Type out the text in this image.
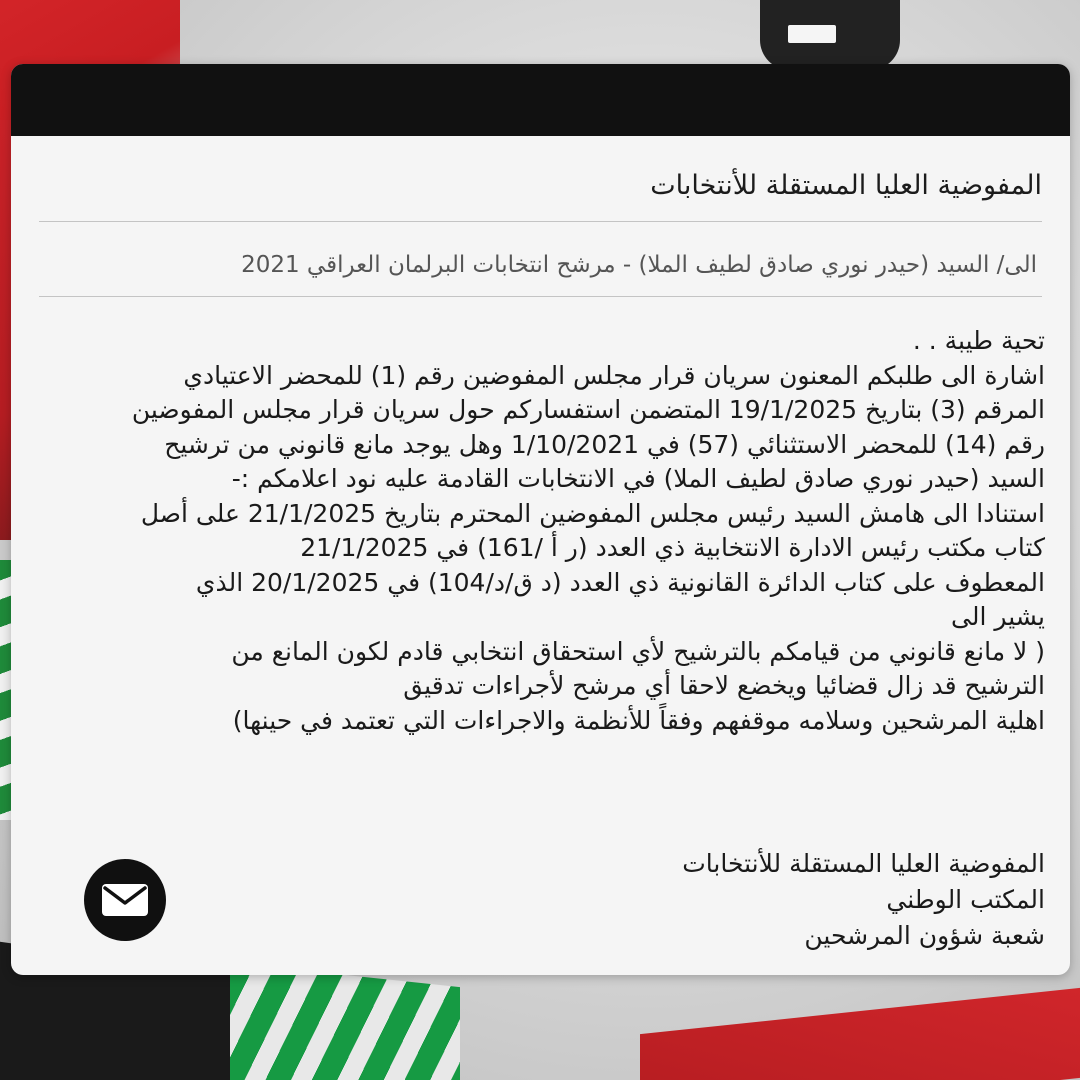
المفوضية العليا المستقلة للأنتخابات
الى/ السيد (حيدر نوري صادق لطيف الملا) - مرشح انتخابات البرلمان العراقي 2021
تحية طيبة . .
اشارة الى طلبكم المعنون سريان قرار مجلس المفوضين رقم (1) للمحضر الاعتيادي
المرقم (3) بتاريخ 19/1/2025 المتضمن استفساركم حول سريان قرار مجلس المفوضين
رقم (14) للمحضر الاستثنائي (57) في 1/10/2021 وهل يوجد مانع قانوني من ترشيح
السيد (حيدر نوري صادق لطيف الملا) في الانتخابات القادمة عليه نود اعلامكم :-
استنادا الى هامش السيد رئيس مجلس المفوضين المحترم بتاريخ 21/1/2025 على أصل
كتاب مكتب رئيس الادارة الانتخابية ذي العدد (ر أ /161) في 21/1/2025
المعطوف على كتاب الدائرة القانونية ذي العدد (د ق/د/104) في 20/1/2025 الذي
يشير الى
( لا مانع قانوني من قيامكم بالترشيح لأي استحقاق انتخابي قادم لكون المانع من
الترشيح قد زال قضائيا ويخضع لاحقا أي مرشح لأجراءات تدقيق
اهلية المرشحين وسلامه موقفهم وفقاً للأنظمة والاجراءات التي تعتمد في حينها)
المفوضية العليا المستقلة للأنتخابات
المكتب الوطني
شعبة شؤون المرشحين
